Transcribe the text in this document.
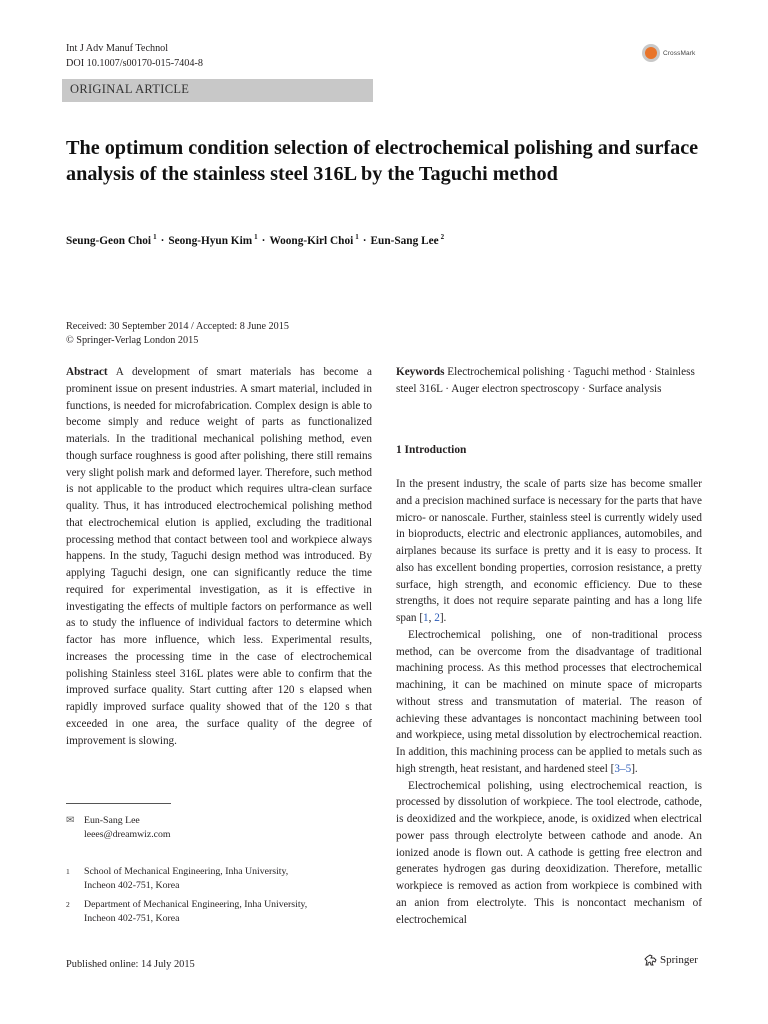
Int J Adv Manuf Technol
DOI 10.1007/s00170-015-7404-8
CrossMark
ORIGINAL ARTICLE
The optimum condition selection of electrochemical polishing and surface analysis of the stainless steel 316L by the Taguchi method
Seung-Geon Choi $^1$ · Seong-Hyun Kim $^1$ · Woong-Kirl Choi $^1$ · Eun-Sang Lee $^2$
Received: 30 September 2014 / Accepted: 8 June 2015
© Springer-Verlag London 2015

Abstract A development of smart materials has become a prominent issue on present industries. A smart material, included in functions, is needed for microfabrication. Complex design is able to become simply and reduce weight of parts as functionalized materials. In the traditional mechanical polishing method, even though surface roughness is good after polishing, there still remains very slight polish mark and deformed layer. Therefore, such method is not applicable to the product which requires ultra-clean surface quality. Thus, it has introduced electrochemical polishing method that electrochemical elution is applied, excluding the traditional processing method that contact between tool and workpiece always happens. In the study, Taguchi design method was introduced. By applying Taguchi design, one can significantly reduce the time required for experimental investigation, as it is effective in investigating the effects of multiple factors on performance as well as to study the influence of individual factors to determine which factor has more influence, which less. Experimental results, increases the processing time in the case of electrochemical polishing Stainless steel 316L plates were able to confirm that the improved surface quality. Start cutting after 120 s elapsed when rapidly improved surface quality showed that of the 120 s that exceeded in one area, the surface quality of the degree of improvement is slowing.

Keywords Electrochemical polishing · Taguchi method · Stainless steel 316L · Auger electron spectroscopy · Surface analysis

1 Introduction

In the present industry, the scale of parts size has become smaller and a precision machined surface is necessary for the parts that have micro- or nanoscale. Further, stainless steel is currently widely used in bioproducts, electric and electronic appliances, automobiles, and airplanes because its surface is pretty and it is easy to process. It also has excellent bonding properties, corrosion resistance, a pretty surface, high strength, and economic efficiency. Due to these strengths, it does not require separate painting and has a long life span [1, 2].

Electrochemical polishing, one of non-traditional process method, can be overcome from the disadvantage of traditional machining process. As this method processes that electrochemical machining, it can be machined on minute space of microparts without stress and transmutation of material. The reason of achieving these advantages is noncontact machining between tool and workpiece, using metal dissolution by electrochemical reaction. In addition, this machining process can be applied to metals such as high strength, heat resistant, and hardened steel [3–5].

Electrochemical polishing, using electrochemical reaction, is processed by dissolution of workpiece. The tool electrode, cathode, is deoxidized and the workpiece, anode, is oxidized when electrical power pass through electrolyte between cathode and anode. An ionized anode is flown out. A cathode is getting free electron and generates hydrogen gas during deoxidization. Therefore, metallic workpiece is removed as action from workpiece is combined with an anion from electrolyte. This is noncontact mechanism of electrochemical

✉ Eun-Sang Lee
leees@dreamwiz.com
1 School of Mechanical Engineering, Inha University,
Incheon 402-751, Korea
2 Department of Mechanical Engineering, Inha University,
Incheon 402-751, Korea
Published online: 14 July 2015	Springer
